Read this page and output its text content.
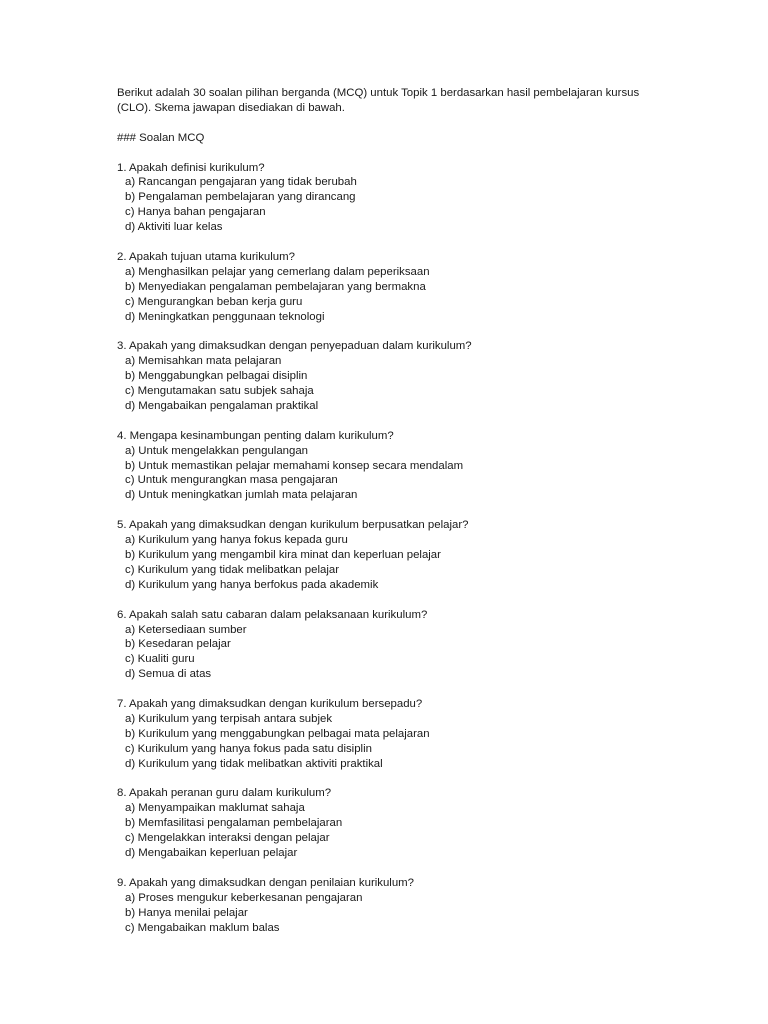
Berikut adalah 30 soalan pilihan berganda (MCQ) untuk Topik 1 berdasarkan hasil pembelajaran kursus (CLO). Skema jawapan disediakan di bawah.

### Soalan MCQ

1. Apakah definisi kurikulum?

a) Rancangan pengajaran yang tidak berubah
b) Pengalaman pembelajaran yang dirancang
c) Hanya bahan pengajaran
d) Aktiviti luar kelas

2. Apakah tujuan utama kurikulum?

a) Menghasilkan pelajar yang cemerlang dalam peperiksaan
b) Menyediakan pengalaman pembelajaran yang bermakna
c) Mengurangkan beban kerja guru
d) Meningkatkan penggunaan teknologi

3. Apakah yang dimaksudkan dengan penyepaduan dalam kurikulum?

a) Memisahkan mata pelajaran
b) Menggabungkan pelbagai disiplin
c) Mengutamakan satu subjek sahaja
d) Mengabaikan pengalaman praktikal

4. Mengapa kesinambungan penting dalam kurikulum?

a) Untuk mengelakkan pengulangan
b) Untuk memastikan pelajar memahami konsep secara mendalam
c) Untuk mengurangkan masa pengajaran
d) Untuk meningkatkan jumlah mata pelajaran

5. Apakah yang dimaksudkan dengan kurikulum berpusatkan pelajar?

a) Kurikulum yang hanya fokus kepada guru
b) Kurikulum yang mengambil kira minat dan keperluan pelajar
c) Kurikulum yang tidak melibatkan pelajar
d) Kurikulum yang hanya berfokus pada akademik

6. Apakah salah satu cabaran dalam pelaksanaan kurikulum?

a) Ketersediaan sumber
b) Kesedaran pelajar
c) Kualiti guru
d) Semua di atas

7. Apakah yang dimaksudkan dengan kurikulum bersepadu?

a) Kurikulum yang terpisah antara subjek
b) Kurikulum yang menggabungkan pelbagai mata pelajaran
c) Kurikulum yang hanya fokus pada satu disiplin
d) Kurikulum yang tidak melibatkan aktiviti praktikal

8. Apakah peranan guru dalam kurikulum?

a) Menyampaikan maklumat sahaja
b) Memfasilitasi pengalaman pembelajaran
c) Mengelakkan interaksi dengan pelajar
d) Mengabaikan keperluan pelajar

9. Apakah yang dimaksudkan dengan penilaian kurikulum?

a) Proses mengukur keberkesanan pengajaran
b) Hanya menilai pelajar
c) Mengabaikan maklum balas
